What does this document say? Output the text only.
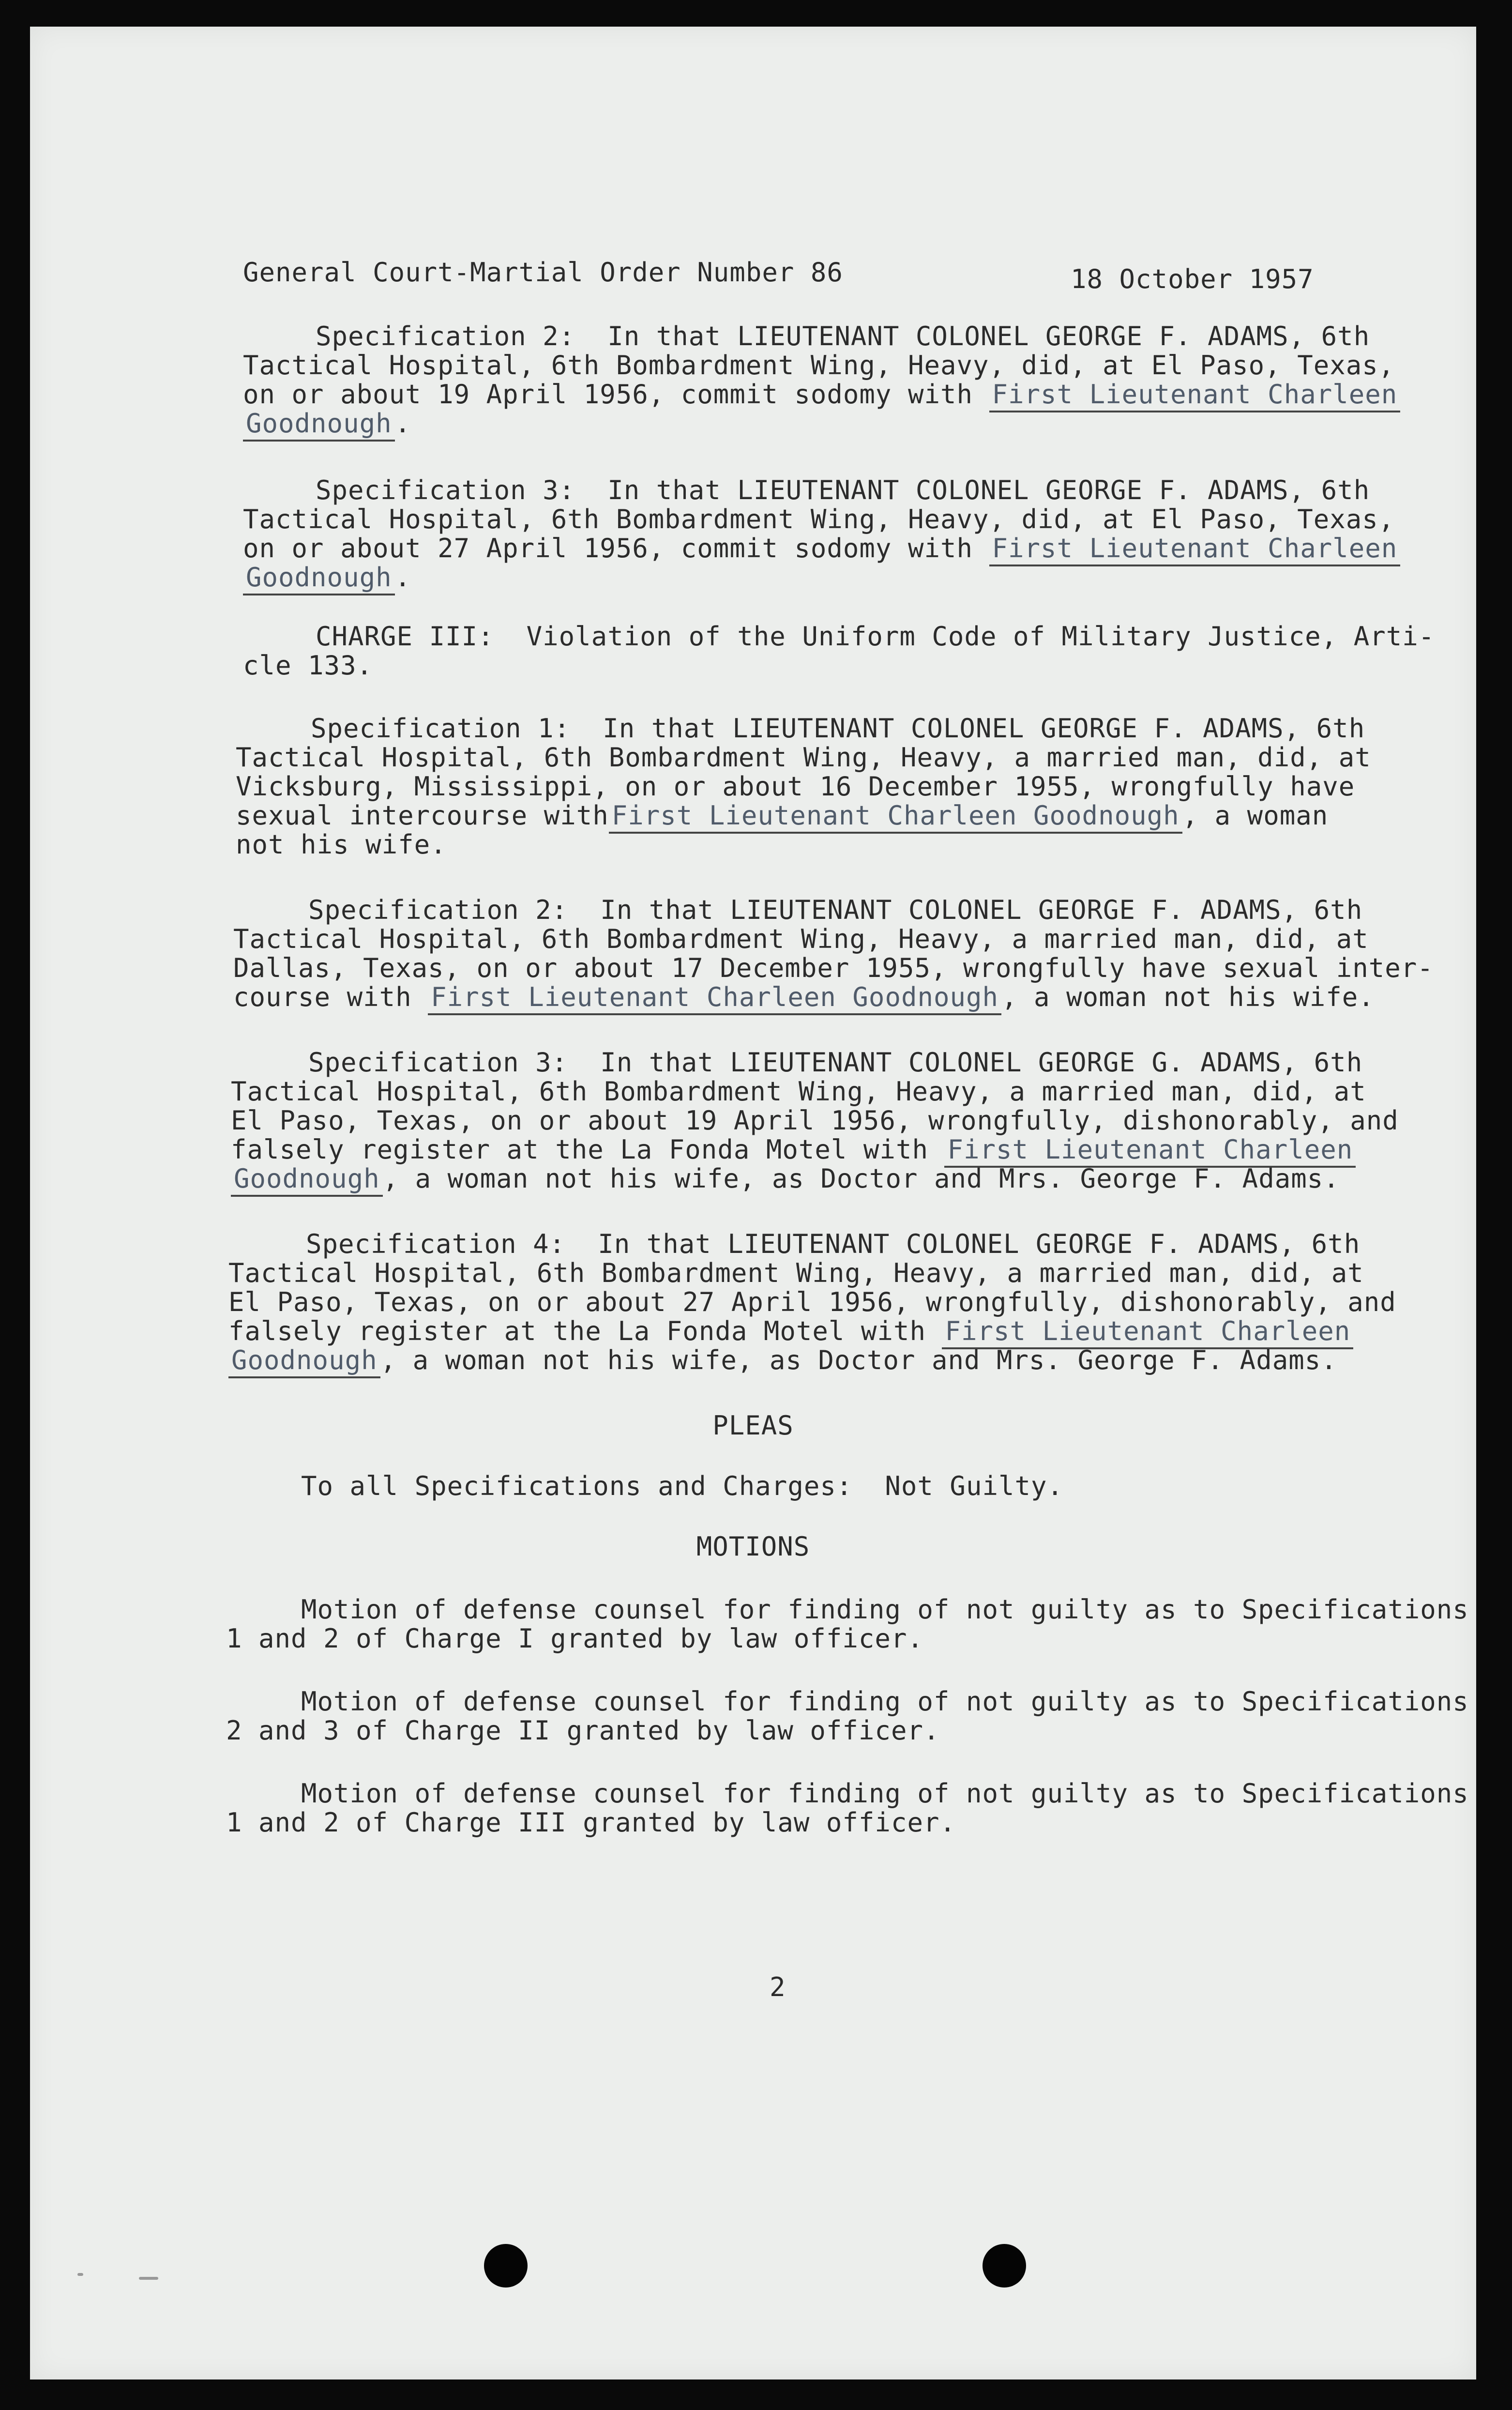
General Court-Martial Order Number 86	18 October 1957

Specification 2:  In that LIEUTENANT COLONEL GEORGE F. ADAMS, 6th

Tactical Hospital, 6th Bombardment Wing, Heavy, did, at El Paso, Texas,

on or about 19 April 1956, commit sodomy with First Lieutenant Charleen

Goodnough .

Specification 3:  In that LIEUTENANT COLONEL GEORGE F. ADAMS, 6th

Tactical Hospital, 6th Bombardment Wing, Heavy, did, at El Paso, Texas,

on or about 27 April 1956, commit sodomy with First Lieutenant Charleen

Goodnough .

CHARGE III:  Violation of the Uniform Code of Military Justice, Arti-

cle 133.

Specification 1:  In that LIEUTENANT COLONEL GEORGE F. ADAMS, 6th

Tactical Hospital, 6th Bombardment Wing, Heavy, a married man, did, at

Vicksburg, Mississippi, on or about 16 December 1955, wrongfully have

sexual intercourse with First Lieutenant Charleen Goodnough , a woman

not his wife.

Specification 2:  In that LIEUTENANT COLONEL GEORGE F. ADAMS, 6th

Tactical Hospital, 6th Bombardment Wing, Heavy, a married man, did, at

Dallas, Texas, on or about 17 December 1955, wrongfully have sexual inter-

course with First Lieutenant Charleen Goodnough , a woman not his wife.

Specification 3:  In that LIEUTENANT COLONEL GEORGE G. ADAMS, 6th

Tactical Hospital, 6th Bombardment Wing, Heavy, a married man, did, at

El Paso, Texas, on or about 19 April 1956, wrongfully, dishonorably, and

falsely register at the La Fonda Motel with First Lieutenant Charleen

Goodnough , a woman not his wife, as Doctor and Mrs. George F. Adams.

Specification 4:  In that LIEUTENANT COLONEL GEORGE F. ADAMS, 6th

Tactical Hospital, 6th Bombardment Wing, Heavy, a married man, did, at

El Paso, Texas, on or about 27 April 1956, wrongfully, dishonorably, and

falsely register at the La Fonda Motel with First Lieutenant Charleen

Goodnough , a woman not his wife, as Doctor and Mrs. George F. Adams.

PLEAS

To all Specifications and Charges:  Not Guilty.

MOTIONS

Motion of defense counsel for finding of not guilty as to Specifications

1 and 2 of Charge I granted by law officer.

Motion of defense counsel for finding of not guilty as to Specifications

2 and 3 of Charge II granted by law officer.

Motion of defense counsel for finding of not guilty as to Specifications

1 and 2 of Charge III granted by law officer.

2
